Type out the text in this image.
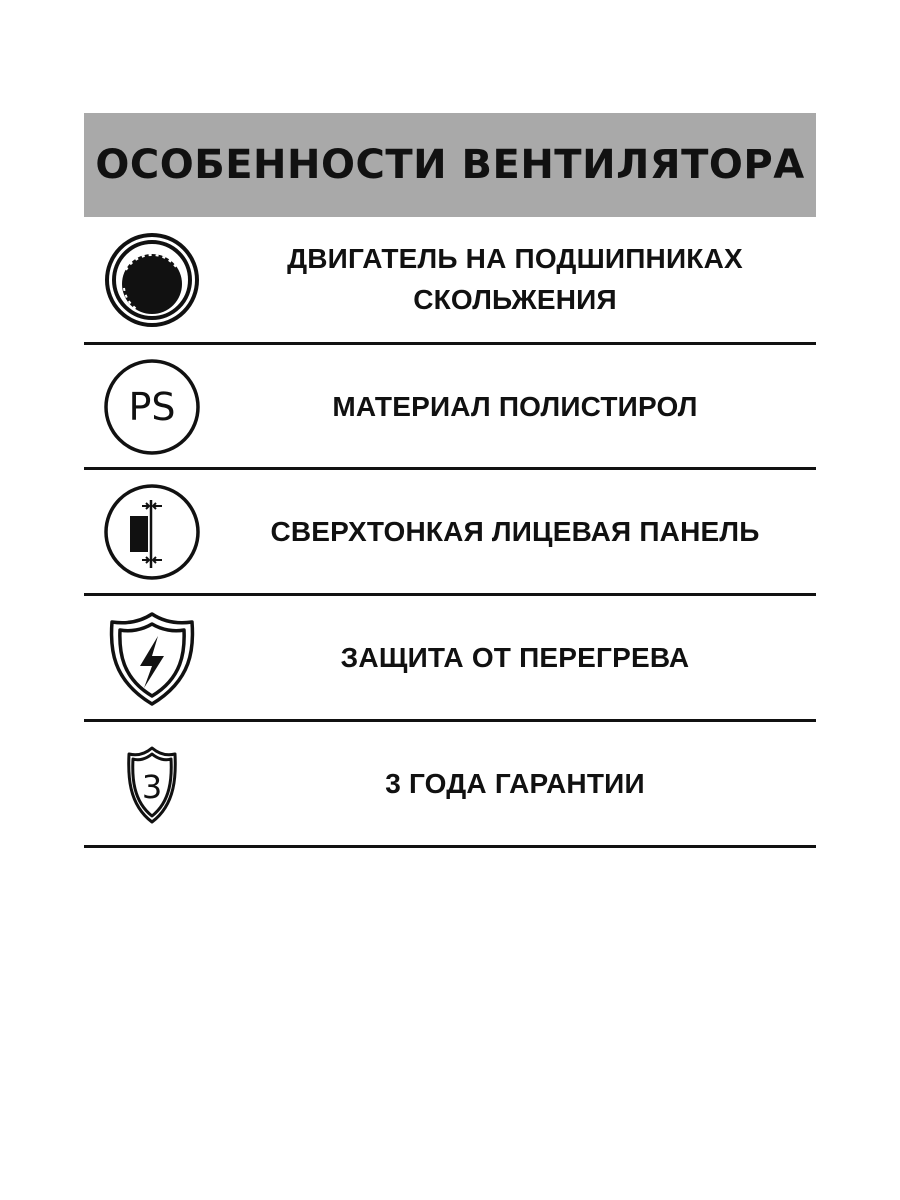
ОСОБЕННОСТИ ВЕНТИЛЯТОРА
ДВИГАТЕЛЬ НА ПОДШИПНИКАХ
СКОЛЬЖЕНИЯ
PS	МАТЕРИАЛ ПОЛИСТИРОЛ
СВЕРХТОНКАЯ ЛИЦЕВАЯ ПАНЕЛЬ
ЗАЩИТА ОТ ПЕРЕГРЕВА
3	3 ГОДА ГАРАНТИИ
